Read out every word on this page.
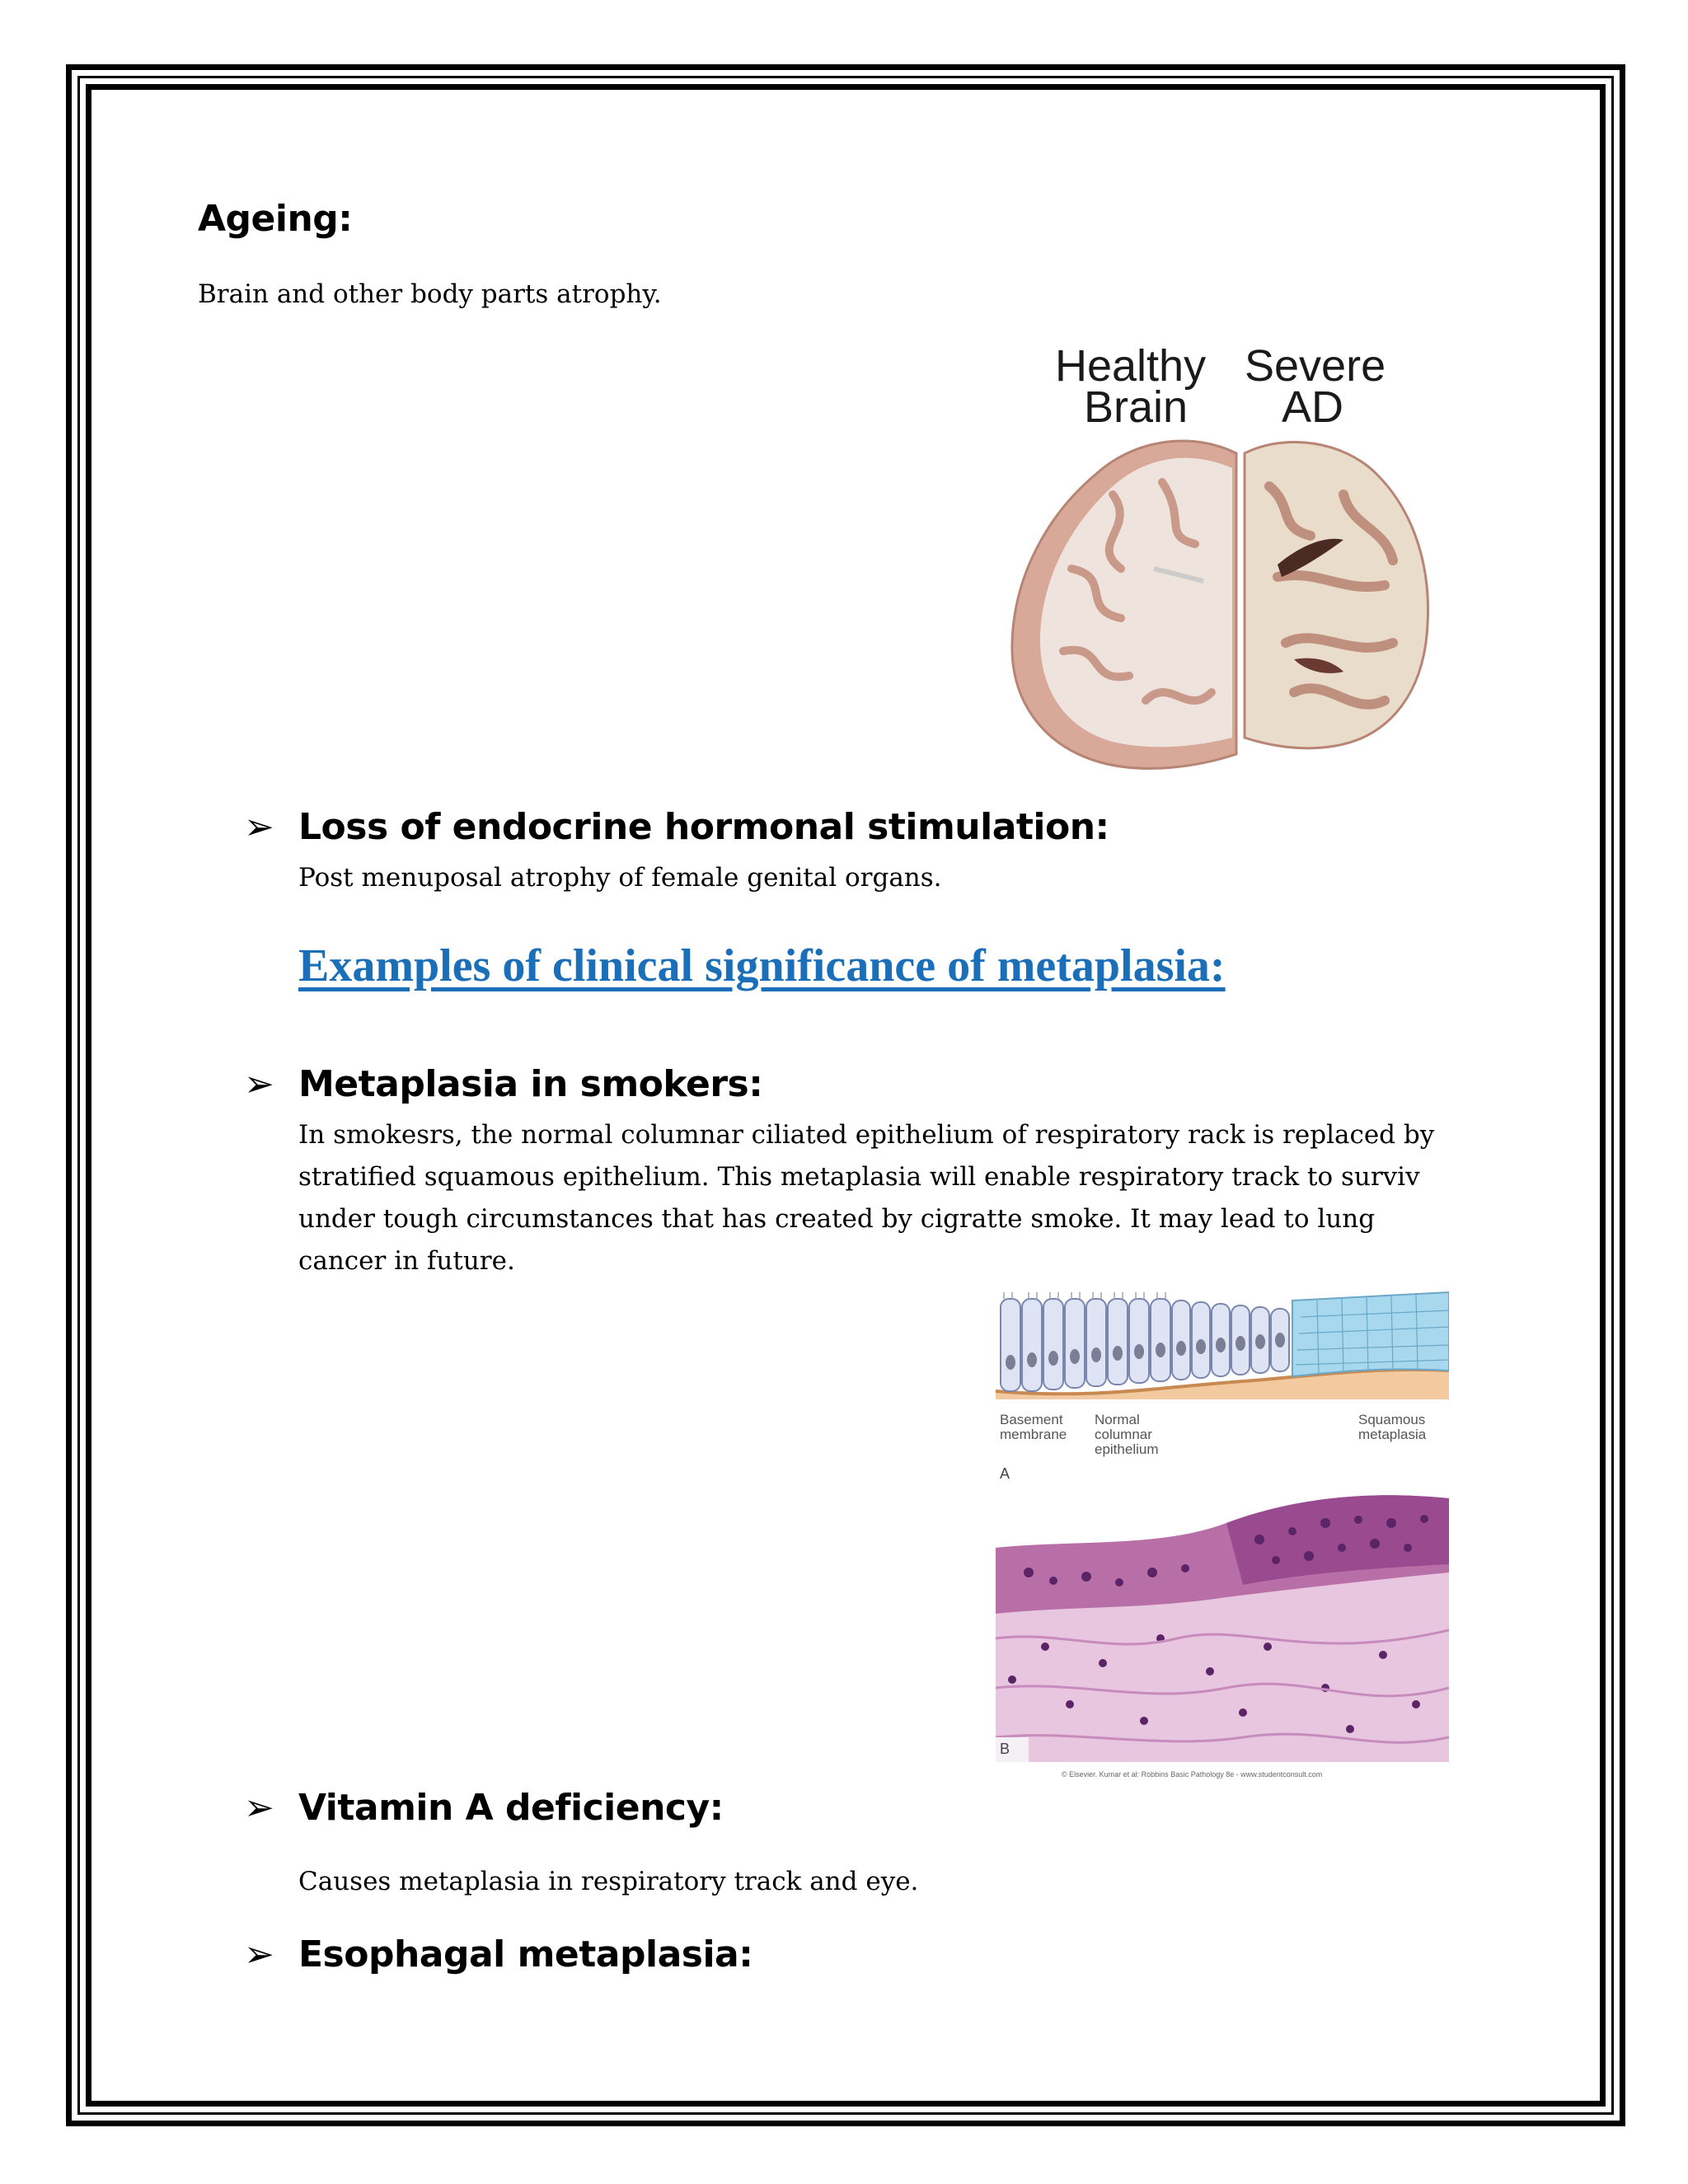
Ageing:
Brain and other body parts atrophy.
Healthy
Brain
Severe
AD
➢ Loss of endocrine hormonal stimulation:
Post menuposal atrophy of female genital organs.
Examples of clinical significance of metaplasia:
➢ Metaplasia in smokers:
In smokesrs, the normal columnar ciliated epithelium of respiratory rack is replaced by
stratified squamous epithelium. This metaplasia will enable respiratory track to surviv
under tough circumstances that has created by cigratte smoke. It may lead to lung
cancer in future.
Basement
membrane
Normal
columnar
epithelium
Squamous
metaplasia
A
B
© Elsevier. Kumar et al: Robbins Basic Pathology 8e - www.studentconsult.com
➢ Vitamin A deficiency:
Causes metaplasia in respiratory track and eye.
➢ Esophagal metaplasia:
